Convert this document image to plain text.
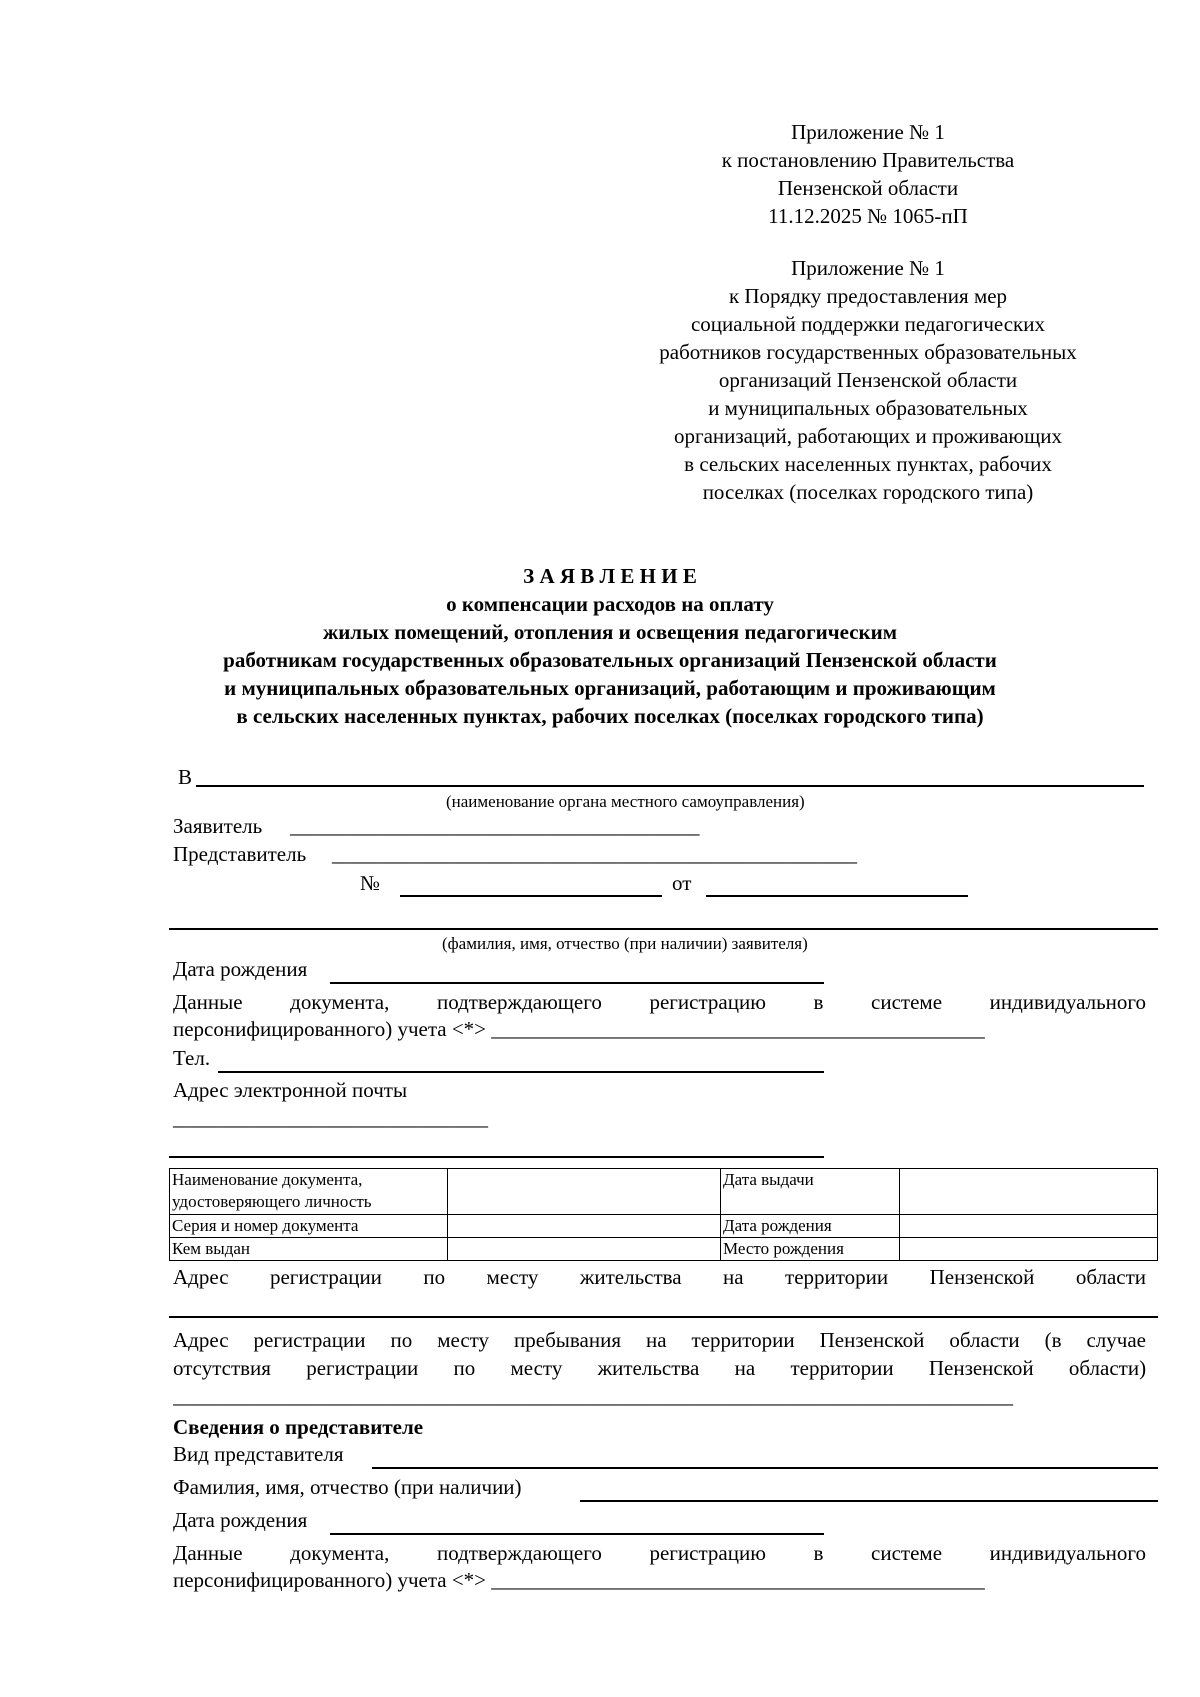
Приложение № 1
к постановлению Правительства
Пензенской области
11.12.2025 № 1065-пП
Приложение № 1
к Порядку предоставления мер
социальной поддержки педагогических
работников государственных образовательных
организаций Пензенской области
и муниципальных образовательных
организаций, работающих и проживающих
в сельских населенных пунктах, рабочих
поселках (поселках городского типа)
З А Я В Л Е Н И Е
о компенсации расходов на оплату
жилых помещений, отопления и освещения педагогическим
работникам государственных образовательных организаций Пензенской области
и муниципальных образовательных организаций, работающим и проживающим
в сельских населенных пунктах, рабочих поселках (поселках городского типа)
В
(наименование органа местного самоуправления)
Заявитель _______________________________________
Представитель __________________________________________________
№	от
(фамилия, имя, отчество (при наличии) заявителя)
Дата рождения
Данные документа, подтверждающего регистрацию в системе индивидуального
персонифицированного) учета <*> _______________________________________________
Тел.
Адрес электронной почты
______________________________
Наименование документа, удостоверяющего личность		Дата выдачи	
Серия и номер документа		Дата рождения	
Кем выдан		Место рождения	
Адрес регистрации по месту жительства на территории Пензенской области
Адрес регистрации по месту пребывания на территории Пензенской области (в случае
отсутствия регистрации по месту жительства на территории Пензенской области)
________________________________________________________________________________
Сведения о представителе
Вид представителя
Фамилия, имя, отчество (при наличии)
Дата рождения
Данные документа, подтверждающего регистрацию в системе индивидуального
персонифицированного) учета <*> _______________________________________________
